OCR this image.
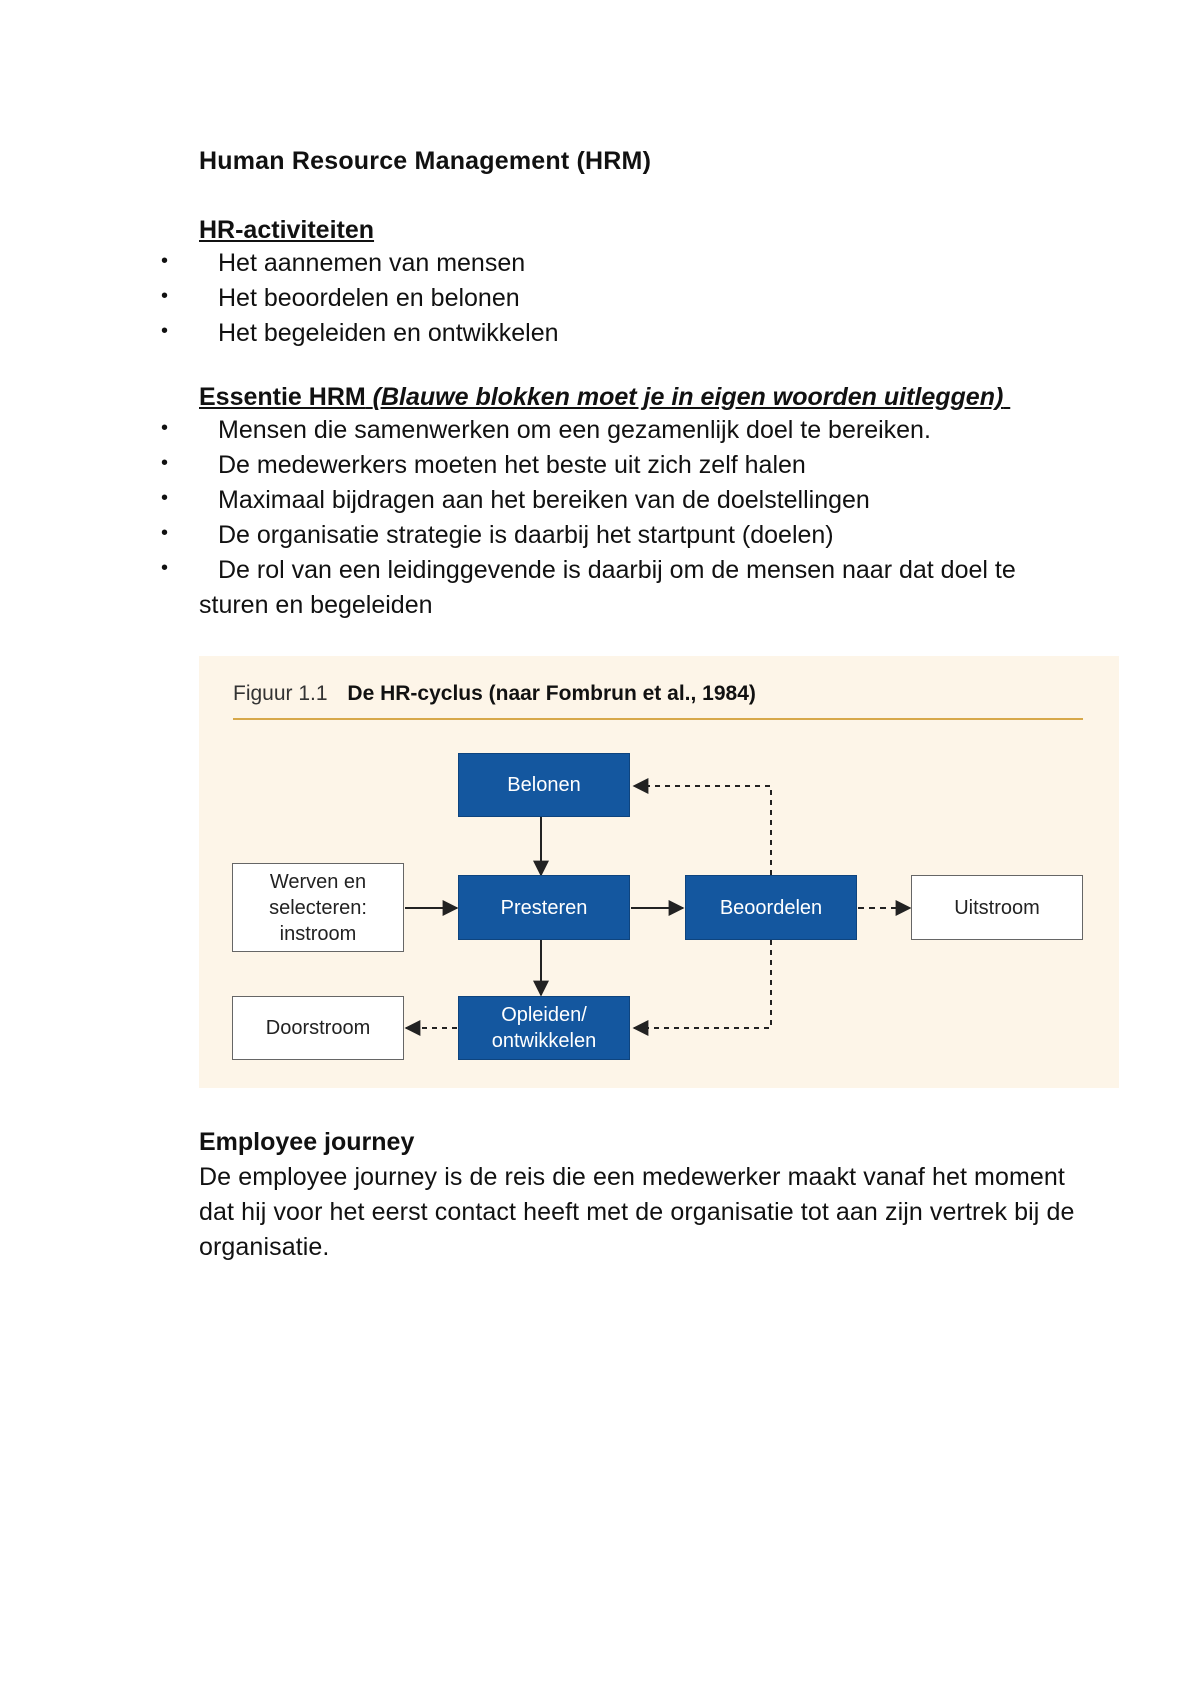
Human Resource Management (HRM)
HR-activiteiten
• Het aannemen van mensen
• Het beoordelen en belonen
• Het begeleiden en ontwikkelen
Essentie HRM (Blauwe blokken moet je in eigen woorden uitleggen)
• Mensen die samenwerken om een gezamenlijk doel te bereiken.
• De medewerkers moeten het beste uit zich zelf halen
• Maximaal bijdragen aan het bereiken van de doelstellingen
• De organisatie strategie is daarbij het startpunt (doelen)
•	De rol van een leidinggevende is daarbij om de mensen naar dat doel te sturen en begeleiden
Figuur 1.1 De HR-cyclus (naar Fombrun et al., 1984)
Belonen
Presteren	Beoordelen
Opleiden/ ontwikkelen
Werven en selecteren: instroom
Doorstroom
Uitstroom
Employee journey

De employee journey is de reis die een medewerker maakt vanaf het moment dat hij voor het eerst contact heeft met de organisatie tot aan zijn vertrek bij de organisatie.
